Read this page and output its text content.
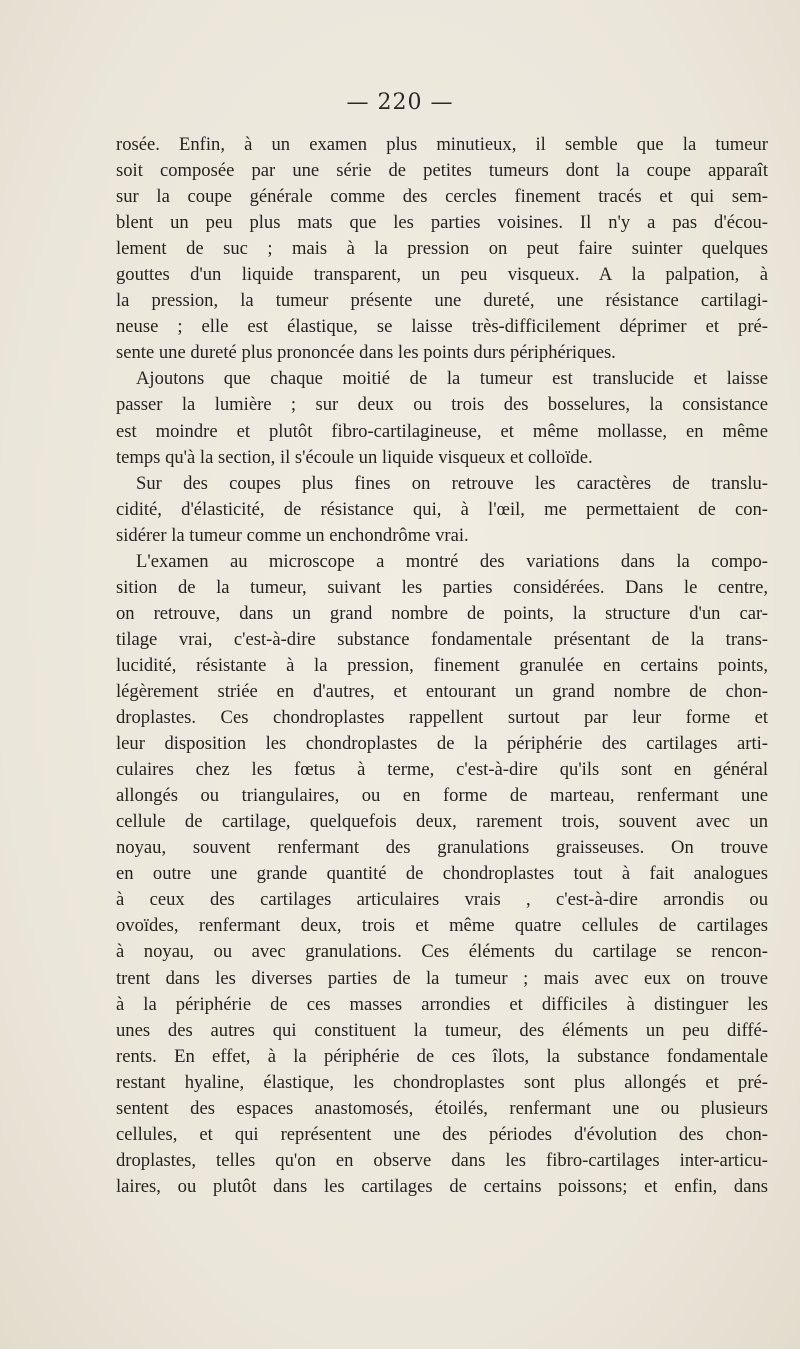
— 220 —
rosée. Enfin, à un examen plus minutieux, il semble que la tumeur
soit composée par une série de petites tumeurs dont la coupe apparaît
sur la coupe générale comme des cercles finement tracés et qui sem-
blent un peu plus mats que les parties voisines. Il n'y a pas d'écou-
lement de suc ; mais à la pression on peut faire suinter quelques
gouttes d'un liquide transparent, un peu visqueux. A la palpation, à
la pression, la tumeur présente une dureté, une résistance cartilagi-
neuse ; elle est élastique, se laisse très-difficilement déprimer et pré-
sente une dureté plus prononcée dans les points durs périphériques.
Ajoutons que chaque moitié de la tumeur est translucide et laisse
passer la lumière ; sur deux ou trois des bosselures, la consistance
est moindre et plutôt fibro-cartilagineuse, et même mollasse, en même
temps qu'à la section, il s'écoule un liquide visqueux et colloïde.
Sur des coupes plus fines on retrouve les caractères de translu-
cidité, d'élasticité, de résistance qui, à l'œil, me permettaient de con-
sidérer la tumeur comme un enchondrôme vrai.
L'examen au microscope a montré des variations dans la compo-
sition de la tumeur, suivant les parties considérées. Dans le centre,
on retrouve, dans un grand nombre de points, la structure d'un car-
tilage vrai, c'est-à-dire substance fondamentale présentant de la trans-
lucidité, résistante à la pression, finement granulée en certains points,
légèrement striée en d'autres, et entourant un grand nombre de chon-
droplastes. Ces chondroplastes rappellent surtout par leur forme et
leur disposition les chondroplastes de la périphérie des cartilages arti-
culaires chez les fœtus à terme, c'est-à-dire qu'ils sont en général
allongés ou triangulaires, ou en forme de marteau, renfermant une
cellule de cartilage, quelquefois deux, rarement trois, souvent avec un
noyau, souvent renfermant des granulations graisseuses. On trouve
en outre une grande quantité de chondroplastes tout à fait analogues
à ceux des cartilages articulaires vrais , c'est-à-dire arrondis ou
ovoïdes, renfermant deux, trois et même quatre cellules de cartilages
à noyau, ou avec granulations. Ces éléments du cartilage se rencon-
trent dans les diverses parties de la tumeur ; mais avec eux on trouve
à la périphérie de ces masses arrondies et difficiles à distinguer les
unes des autres qui constituent la tumeur, des éléments un peu diffé-
rents. En effet, à la périphérie de ces îlots, la substance fondamentale
restant hyaline, élastique, les chondroplastes sont plus allongés et pré-
sentent des espaces anastomosés, étoilés, renfermant une ou plusieurs
cellules, et qui représentent une des périodes d'évolution des chon-
droplastes, telles qu'on en observe dans les fibro-cartilages inter-articu-
laires, ou plutôt dans les cartilages de certains poissons; et enfin, dans
